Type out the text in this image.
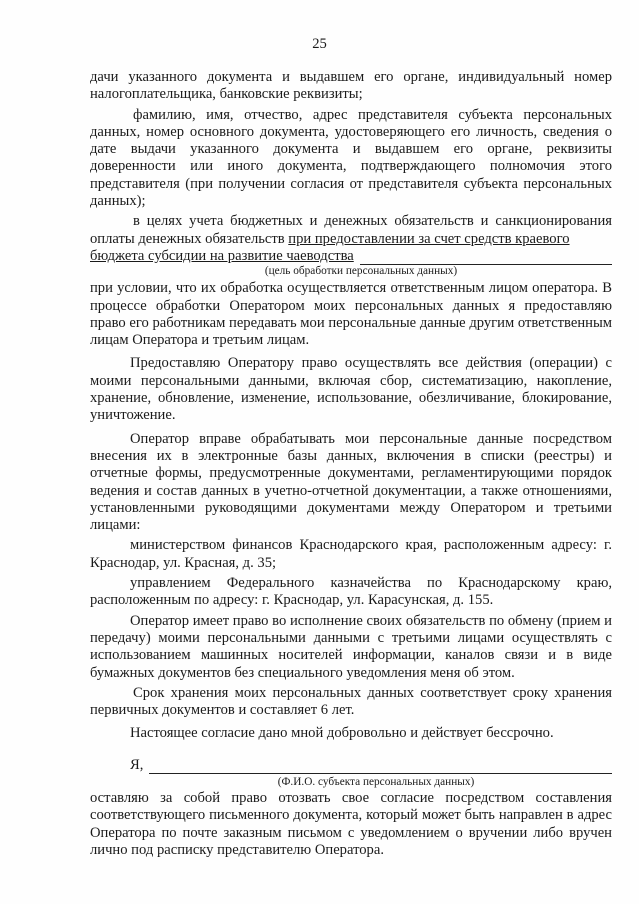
25

дачи указанного документа и выдавшем его органе, индивидуальный номер налогоплательщика, банковские реквизиты;

фамилию, имя, отчество, адрес представителя субъекта персональных данных, номер основного документа, удостоверяющего его личность, сведения о дате выдачи указанного документа и выдавшем его органе, реквизиты доверенности или иного документа, подтверждающего полномочия этого представителя (при получении согласия от представителя субъекта персональных данных);

в целях учета бюджетных и денежных обязательств и санкционирования оплаты денежных обязательств при предоставлении за счет средств краевого

бюджета субсидии на развитие чаеводства
(цель обработки персональных данных)

при условии, что их обработка осуществляется ответственным лицом оператора. В процессе обработки Оператором моих персональных данных я предоставляю право его работникам передавать мои персональные данные другим ответственным лицам Оператора и третьим лицам.

Предоставляю Оператору право осуществлять все действия (операции) с моими персональными данными, включая сбор, систематизацию, накопление, хранение, обновление, изменение, использование, обезличивание, блокирование, уничтожение.

Оператор вправе обрабатывать мои персональные данные посредством внесения их в электронные базы данных, включения в списки (реестры) и отчетные формы, предусмотренные документами, регламентирующими порядок ведения и состав данных в учетно-отчетной документации, а также отношениями, установленными руководящими документами между Оператором и третьими лицами:

министерством финансов Краснодарского края, расположенным адресу: г. Краснодар, ул. Красная, д. 35;

управлением Федерального казначейства по Краснодарскому краю, расположенным по адресу: г. Краснодар, ул. Карасунская, д. 155.

Оператор имеет право во исполнение своих обязательств по обмену (прием и передачу) моими персональными данными с третьими лицами осуществлять с использованием машинных носителей информации, каналов связи и в виде бумажных документов без специального уведомления меня об этом.

Срок хранения моих персональных данных соответствует сроку хранения первичных документов и составляет 6 лет.

Настоящее согласие дано мной добровольно и действует бессрочно.

Я,
(Ф.И.О. субъекта персональных данных)

оставляю за собой право отозвать свое согласие посредством составления соответствующего письменного документа, который может быть направлен в адрес Оператора по почте заказным письмом с уведомлением о вручении либо вручен лично под расписку представителю Оператора.
